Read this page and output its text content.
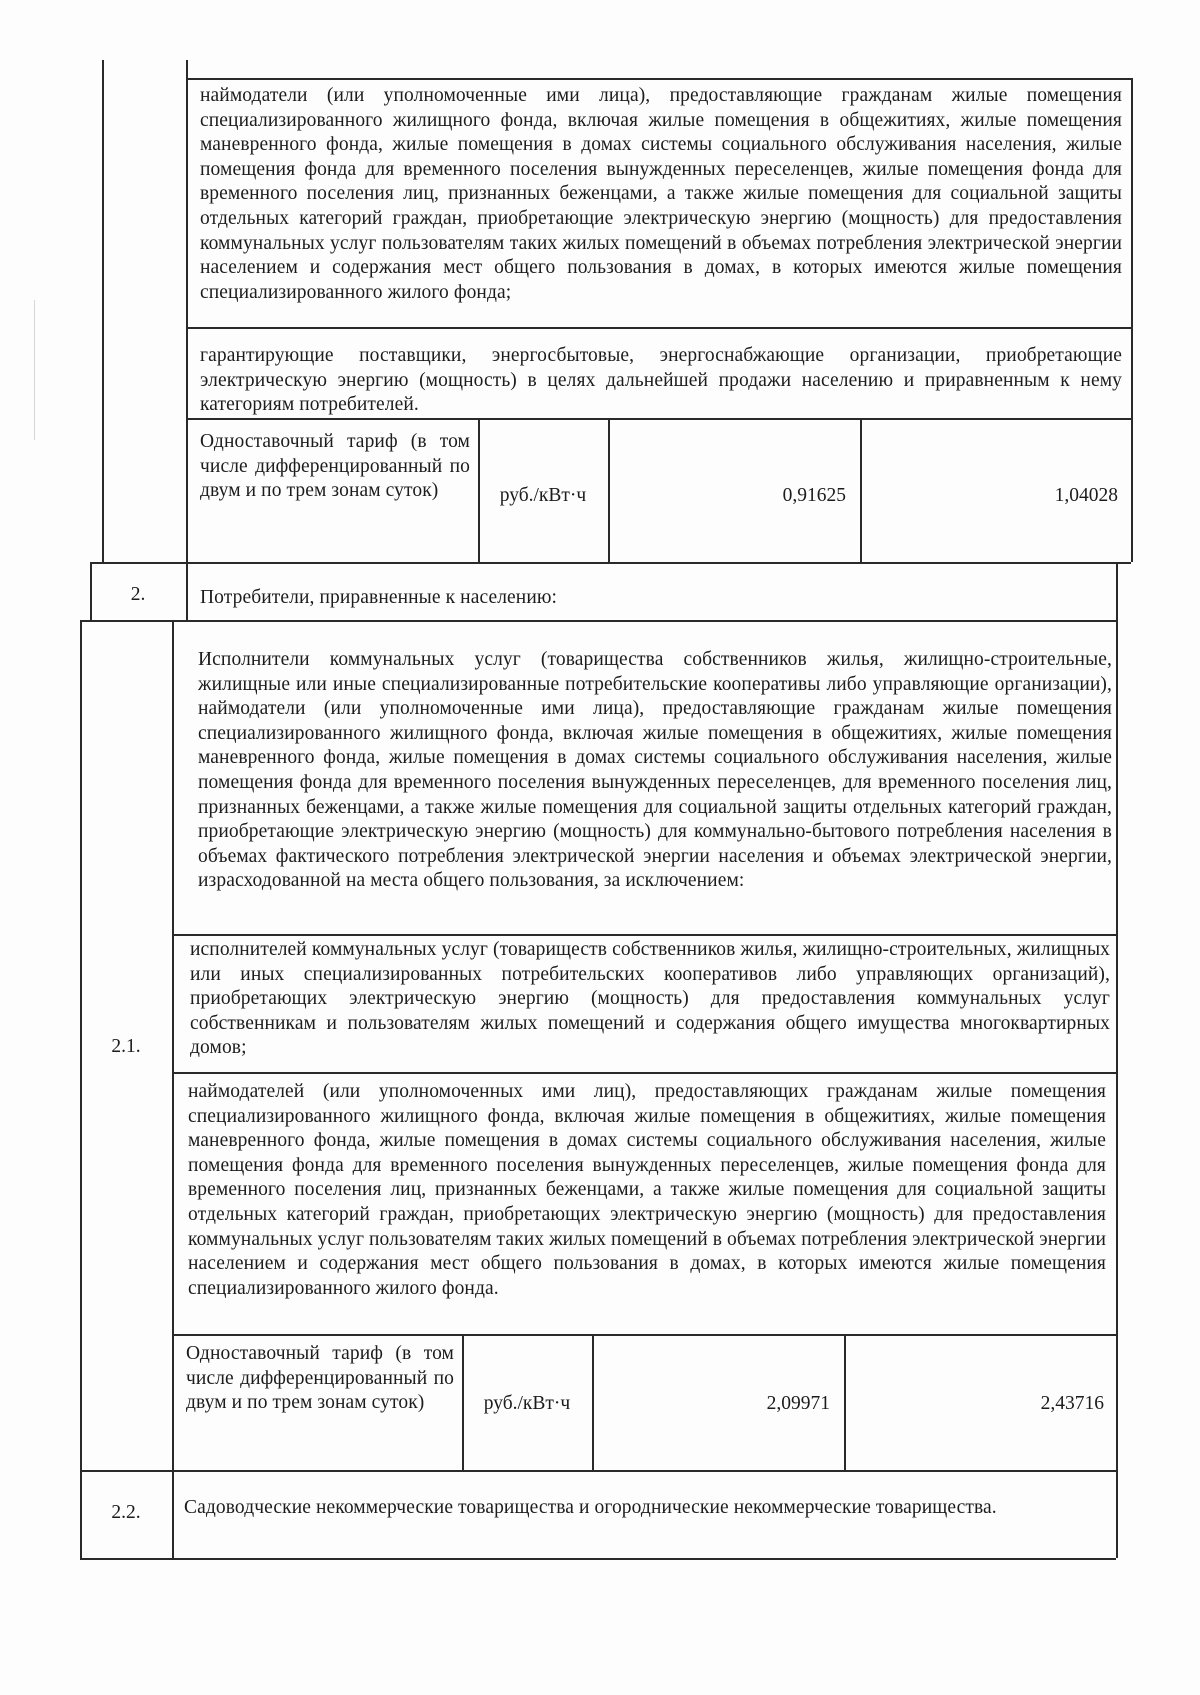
наймодатели (или уполномоченные ими лица), предоставляющие гражданам жилые помещения специализированного жилищного фонда, включая жилые помещения в общежитиях, жилые помещения маневренного фонда, жилые помещения в домах системы социального обслуживания населения, жилые помещения фонда для временного поселения вынужденных переселенцев, жилые помещения фонда для временного поселения лиц, признанных беженцами, а также жилые помещения для социальной защиты отдельных категорий граждан, приобретающие электрическую энергию (мощность) для предоставления коммунальных услуг пользователям таких жилых помещений в объемах потребления электрической энергии населением и содержания мест общего пользования в домах, в которых имеются жилые помещения специализированного жилого фонда;
гарантирующие поставщики, энергосбытовые, энергоснабжающие организации, приобретающие электрическую энергию (мощность) в целях дальнейшей продажи населению и приравненным к нему категориям потребителей.
Одноставочный тариф (в том числе дифференцированный по двум и по трем зонам суток)	руб./кВт·ч	0,91625	1,04028
2.	Потребители, приравненные к населению:
2.1.
Исполнители коммунальных услуг (товарищества собственников жилья, жилищно-строительные, жилищные или иные специализированные потребительские кооперативы либо управляющие организации), наймодатели (или уполномоченные ими лица), предоставляющие гражданам жилые помещения специализированного жилищного фонда, включая жилые помещения в общежитиях, жилые помещения маневренного фонда, жилые помещения в домах системы социального обслуживания населения, жилые помещения фонда для временного поселения вынужденных переселенцев, для временного поселения лиц, признанных беженцами, а также жилые помещения для социальной защиты отдельных категорий граждан, приобретающие электрическую энергию (мощность) для коммунально-бытового потребления населения в объемах фактического потребления электрической энергии населения и объемах электрической энергии, израсходованной на места общего пользования, за исключением:
исполнителей коммунальных услуг (товариществ собственников жилья, жилищно-строительных, жилищных или иных специализированных потребительских кооперативов либо управляющих организаций), приобретающих электрическую энергию (мощность) для предоставления коммунальных услуг собственникам и пользователям жилых помещений и содержания общего имущества многоквартирных домов;
наймодателей (или уполномоченных ими лиц), предоставляющих гражданам жилые помещения специализированного жилищного фонда, включая жилые помещения в общежитиях, жилые помещения маневренного фонда, жилые помещения в домах системы социального обслуживания населения, жилые помещения фонда для временного поселения вынужденных переселенцев, жилые помещения фонда для временного поселения лиц, признанных беженцами, а также жилые помещения для социальной защиты отдельных категорий граждан, приобретающих электрическую энергию (мощность) для предоставления коммунальных услуг пользователям таких жилых помещений в объемах потребления электрической энергии населением и содержания мест общего пользования в домах, в которых имеются жилые помещения специализированного жилого фонда.
Одноставочный тариф (в том числе дифференцированный по двум и по трем зонам суток)	руб./кВт·ч	2,09971	2,43716
2.2.	Садоводческие некоммерческие товарищества и огороднические некоммерческие товарищества.
